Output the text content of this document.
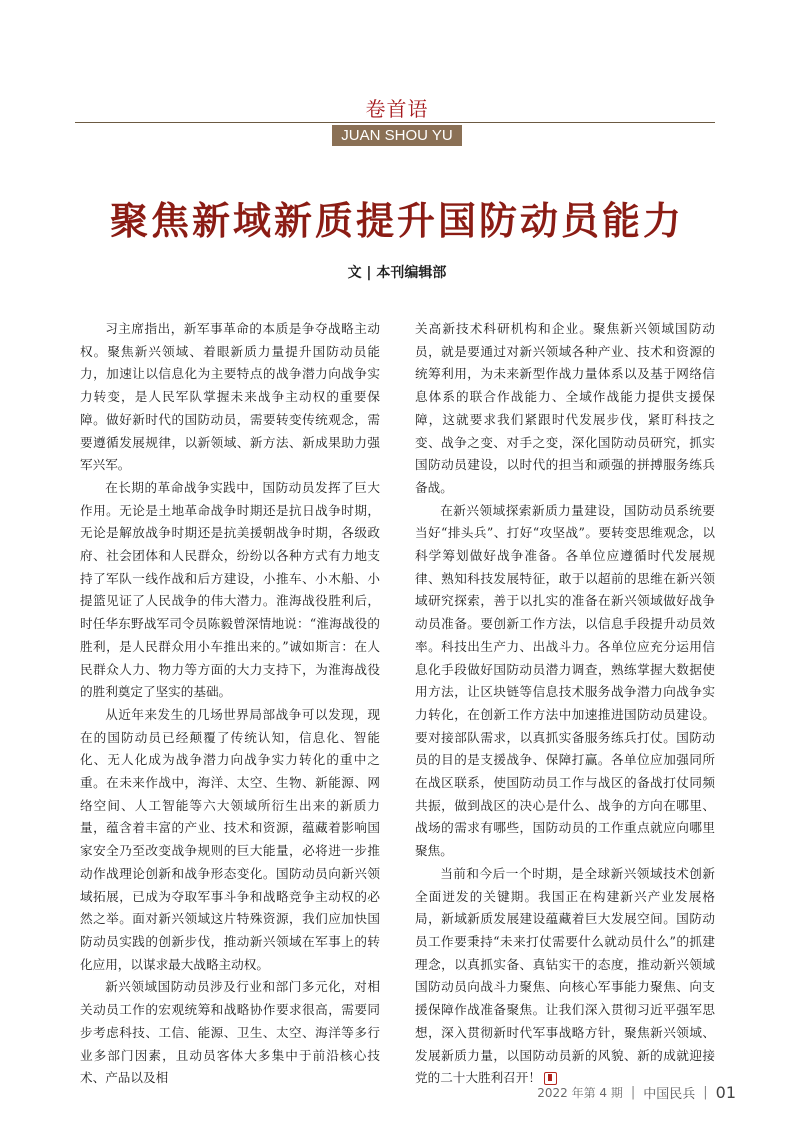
卷首语
JUAN SHOU YU
聚焦新域新质提升国防动员能力
文 | 本刊编辑部

习主席指出，新军事革命的本质是争夺战略主动权。聚焦新兴领域、着眼新质力量提升国防动员能力，加速让以信息化为主要特点的战争潜力向战争实力转变，是人民军队掌握未来战争主动权的重要保障。做好新时代的国防动员，需要转变传统观念，需要遵循发展规律，以新领域、新方法、新成果助力强军兴军。

在长期的革命战争实践中，国防动员发挥了巨大作用。无论是土地革命战争时期还是抗日战争时期，无论是解放战争时期还是抗美援朝战争时期，各级政府、社会团体和人民群众，纷纷以各种方式有力地支持了军队一线作战和后方建设，小推车、小木船、小提篮见证了人民战争的伟大潜力。淮海战役胜利后，时任华东野战军司令员陈毅曾深情地说：“淮海战役的胜利，是人民群众用小车推出来的。”诚如斯言：在人民群众人力、物力等方面的大力支持下，为淮海战役的胜利奠定了坚实的基础。

从近年来发生的几场世界局部战争可以发现，现在的国防动员已经颠覆了传统认知，信息化、智能化、无人化成为战争潜力向战争实力转化的重中之重。在未来作战中，海洋、太空、生物、新能源、网络空间、人工智能等六大领域所衍生出来的新质力量，蕴含着丰富的产业、技术和资源，蕴藏着影响国家安全乃至改变战争规则的巨大能量，必将进一步推动作战理论创新和战争形态变化。国防动员向新兴领域拓展，已成为夺取军事斗争和战略竞争主动权的必然之举。面对新兴领域这片特殊资源，我们应加快国防动员实践的创新步伐，推动新兴领域在军事上的转化应用，以谋求最大战略主动权。

新兴领域国防动员涉及行业和部门多元化，对相关动员工作的宏观统筹和战略协作要求很高，需要同步考虑科技、工信、能源、卫生、太空、海洋等多行业多部门因素，且动员客体大多集中于前沿核心技术、产品以及相

关高新技术科研机构和企业。聚焦新兴领域国防动员，就是要通过对新兴领域各种产业、技术和资源的统筹利用，为未来新型作战力量体系以及基于网络信息体系的联合作战能力、全域作战能力提供支援保障，这就要求我们紧跟时代发展步伐，紧盯科技之变、战争之变、对手之变，深化国防动员研究，抓实国防动员建设，以时代的担当和顽强的拼搏服务练兵备战。

在新兴领域探索新质力量建设，国防动员系统要当好“排头兵”、打好“攻坚战”。要转变思维观念，以科学筹划做好战争准备。各单位应遵循时代发展规律、熟知科技发展特征，敢于以超前的思维在新兴领域研究探索，善于以扎实的准备在新兴领域做好战争动员准备。要创新工作方法，以信息手段提升动员效率。科技出生产力、出战斗力。各单位应充分运用信息化手段做好国防动员潜力调查，熟练掌握大数据使用方法，让区块链等信息技术服务战争潜力向战争实力转化，在创新工作方法中加速推进国防动员建设。要对接部队需求，以真抓实备服务练兵打仗。国防动员的目的是支援战争、保障打赢。各单位应加强同所在战区联系，使国防动员工作与战区的备战打仗同频共振，做到战区的决心是什么、战争的方向在哪里、战场的需求有哪些，国防动员的工作重点就应向哪里聚焦。

当前和今后一个时期，是全球新兴领域技术创新全面迸发的关键期。我国正在构建新兴产业发展格局，新域新质发展建设蕴藏着巨大发展空间。国防动员工作要秉持“未来打仗需要什么就动员什么”的抓建理念，以真抓实备、真钻实干的态度，推动新兴领域国防动员向战斗力聚焦、向核心军事能力聚焦、向支援保障作战准备聚焦。让我们深入贯彻习近平强军思想，深入贯彻新时代军事战略方针，聚焦新兴领域、发展新质力量，以国防动员新的风貌、新的成就迎接党的二十大胜利召开！

2022 年第 4 期 | 中国民兵 | 01
